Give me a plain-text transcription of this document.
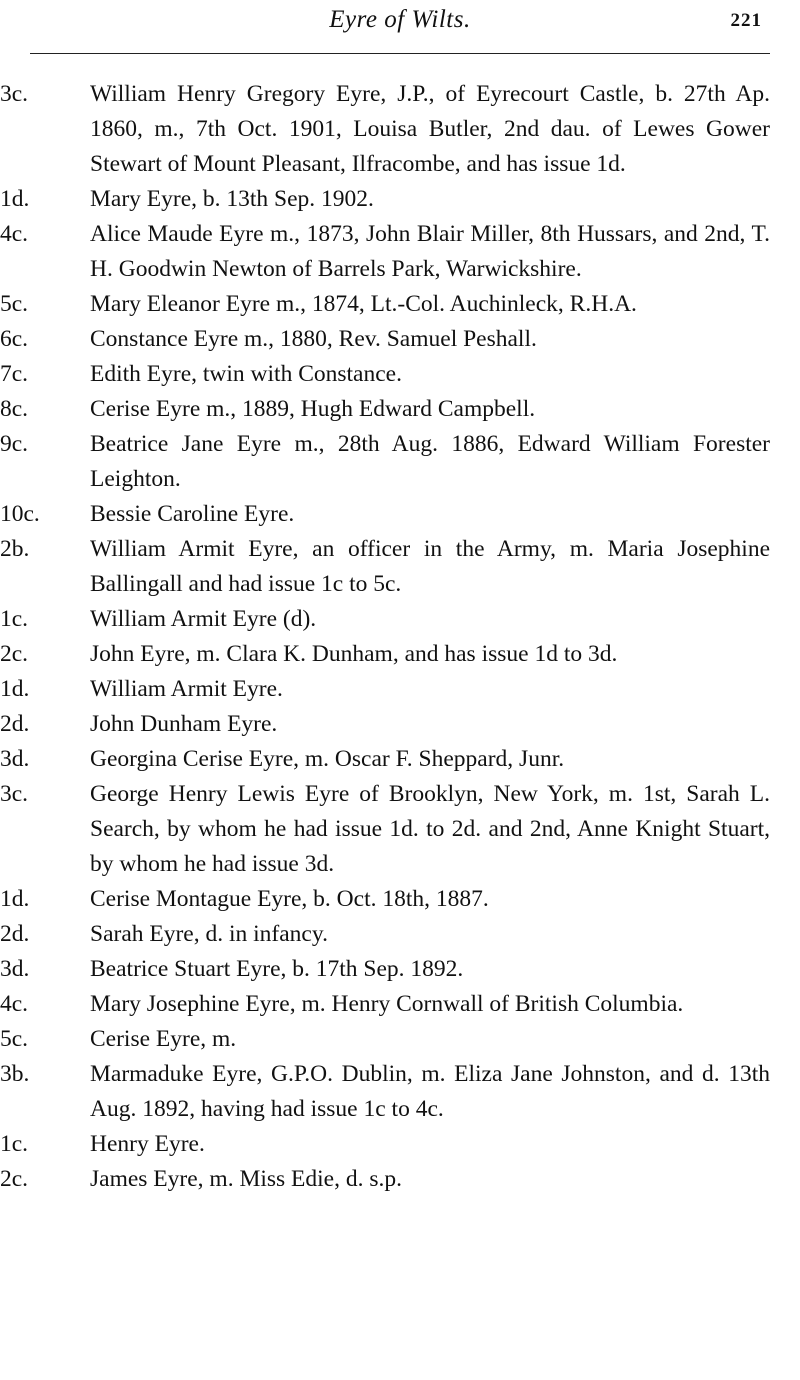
Eyre of Wilts.	221
3c.	William Henry Gregory Eyre, J.P., of Eyrecourt Castle, b. 27th Ap. 1860, m., 7th Oct. 1901, Louisa Butler, 2nd dau. of Lewes Gower Stewart of Mount Pleasant, Ilfracombe, and has issue 1d.
1d.	Mary Eyre, b. 13th Sep. 1902.
4c.	Alice Maude Eyre m., 1873, John Blair Miller, 8th Hussars, and 2nd, T. H. Goodwin Newton of Barrels Park, Warwickshire.
5c.	Mary Eleanor Eyre m., 1874, Lt.-Col. Auchinleck, R.H.A.
6c.	Constance Eyre m., 1880, Rev. Samuel Peshall.
7c.	Edith Eyre, twin with Constance.
8c.	Cerise Eyre m., 1889, Hugh Edward Campbell.
9c.	Beatrice Jane Eyre m., 28th Aug. 1886, Edward William Forester Leighton.
10c.	Bessie Caroline Eyre.
2b.	William Armit Eyre, an officer in the Army, m. Maria Josephine Ballingall and had issue 1c to 5c.
1c.	William Armit Eyre (d).
2c.	John Eyre, m. Clara K. Dunham, and has issue 1d to 3d.
1d.	William Armit Eyre.
2d.	John Dunham Eyre.
3d.	Georgina Cerise Eyre, m. Oscar F. Sheppard, Junr.
3c.	George Henry Lewis Eyre of Brooklyn, New York, m. 1st, Sarah L. Search, by whom he had issue 1d. to 2d. and 2nd, Anne Knight Stuart, by whom he had issue 3d.
1d.	Cerise Montague Eyre, b. Oct. 18th, 1887.
2d.	Sarah Eyre, d. in infancy.
3d.	Beatrice Stuart Eyre, b. 17th Sep. 1892.
4c.	Mary Josephine Eyre, m. Henry Cornwall of British Columbia.
5c.	Cerise Eyre, m.
3b.	Marmaduke Eyre, G.P.O. Dublin, m. Eliza Jane Johnston, and d. 13th Aug. 1892, having had issue 1c to 4c.
1c.	Henry Eyre.
2c.	James Eyre, m. Miss Edie, d. s.p.
